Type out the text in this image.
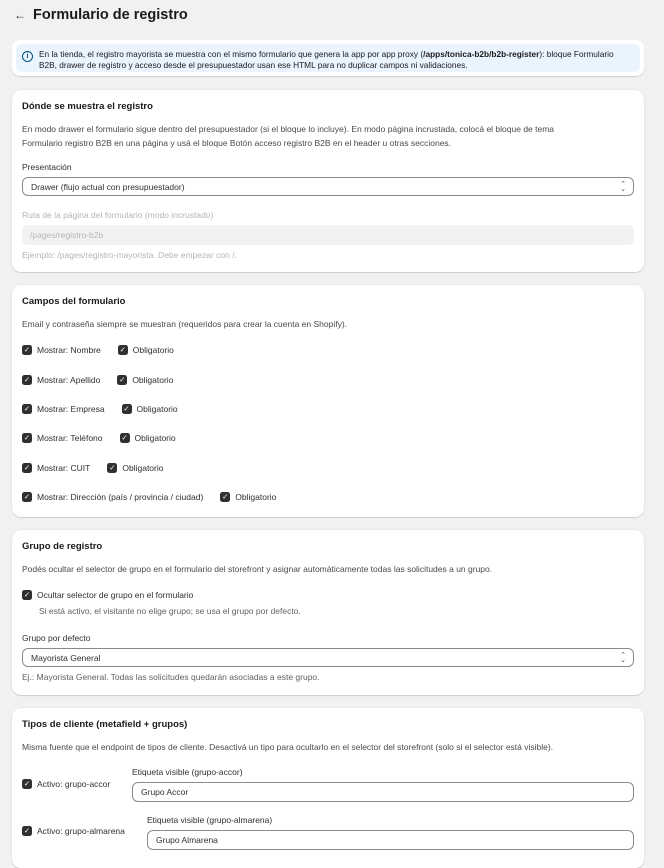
← Formulario de registro
i	En la tienda, el registro mayorista se muestra con el mismo formulario que genera la app por app proxy (/apps/tonica-b2b/b2b-register): bloque Formulario
B2B, drawer de registro y acceso desde el presupuestador usan ese HTML para no duplicar campos ni validaciones.
Dónde se muestra el registro
En modo drawer el formulario sigue dentro del presupuestador (si el bloque lo incluye). En modo página incrustada, colocá el bloque de tema
Formulario registro B2B en una página y usá el bloque Botón acceso registro B2B en el header u otras secciones.
Presentación
Drawer (flujo actual con presupuestador)	⌃
⌄
Ruta de la página del formulario (modo incrustado)
/pages/registro-b2b
Ejemplo: /pages/registro-mayorista. Debe empezar con /.
Campos del formulario
Email y contraseña siempre se muestran (requeridos para crear la cuenta en Shopify).
✓ Mostrar: Nombre	✓ Obligatorio
✓ Mostrar: Apellido	✓ Obligatorio
✓ Mostrar: Empresa	✓ Obligatorio
✓ Mostrar: Teléfono	✓ Obligatorio
✓ Mostrar: CUIT	✓ Obligatorio
✓ Mostrar: Dirección (país / provincia / ciudad)	✓ Obligatorio
Grupo de registro
Podés ocultar el selector de grupo en el formulario del storefront y asignar automáticamente todas las solicitudes a un grupo.
✓ Ocultar selector de grupo en el formulario
Si está activo, el visitante no elige grupo; se usa el grupo por defecto.
Grupo por defecto
Mayorista General	⌃
⌄
Ej.: Mayorista General. Todas las solicitudes quedarán asociadas a este grupo.
Tipos de cliente (metafield + grupos)
Misma fuente que el endpoint de tipos de cliente. Desactivá un tipo para ocultarlo en el selector del storefront (solo si el selector está visible).
✓ Activo: grupo-accor
Etiqueta visible (grupo-accor)
Grupo Accor
✓ Activo: grupo-almarena
Etiqueta visible (grupo-almarena)
Grupo Almarena
